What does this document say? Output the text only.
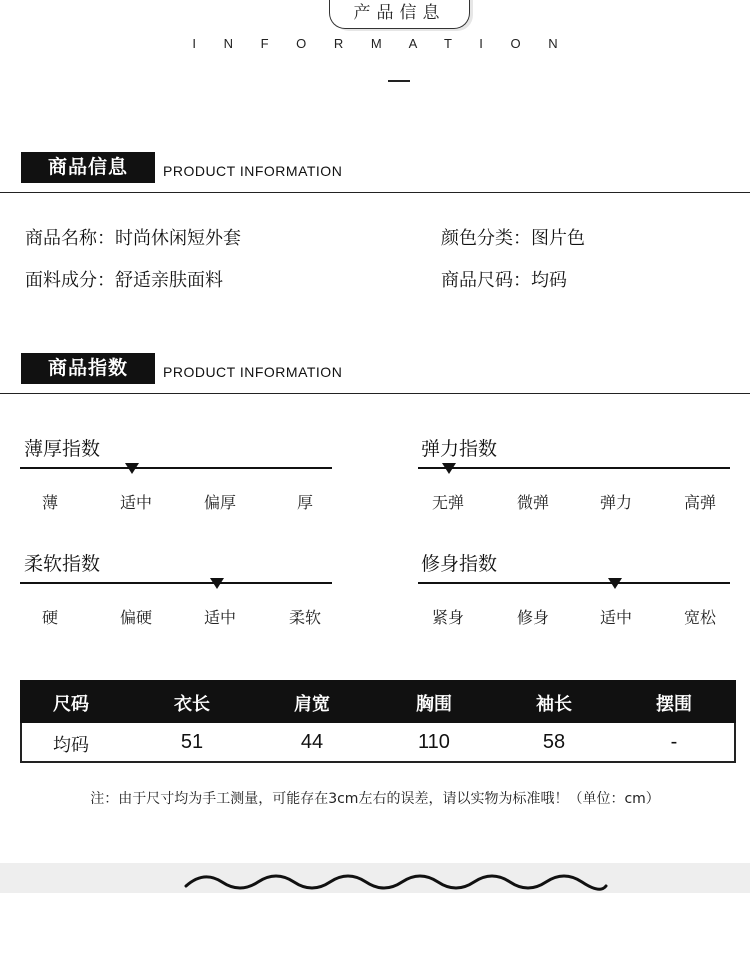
产品信息
I N F O R M A T I O N
商品信息	PRODUCT INFORMATION
商品名称：时尚休闲短外套	颜色分类：图片色
面料成分：舒适亲肤面料	商品尺码：均码
商品指数	PRODUCT INFORMATION
薄厚指数
薄	适中	偏厚	厚
弹力指数
无弹	微弹	弹力	高弹
柔软指数
硬	偏硬	适中	柔软
修身指数
紧身	修身	适中	宽松
尺码	衣长	肩宽	胸围	袖长	摆围
均码	51	44	110	58	-
注：由于尺寸均为手工测量，可能存在3cm左右的误差，请以实物为标准哦！（单位：cm）
